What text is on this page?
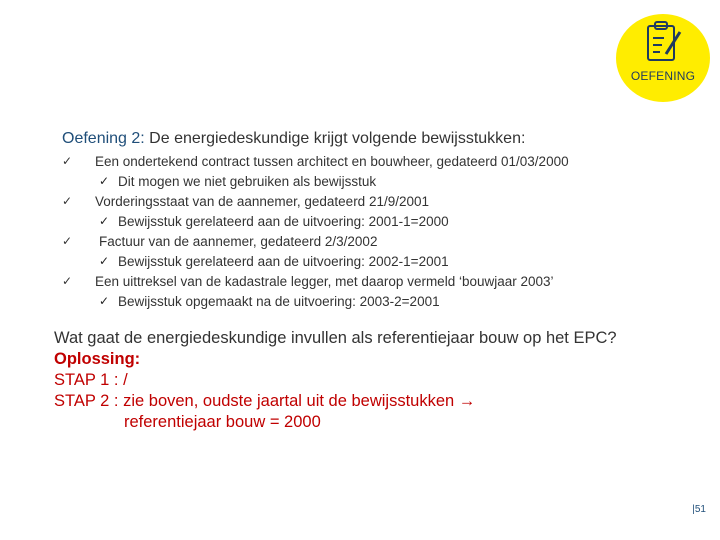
OEFENING
Oefening 2: De energiedeskundige krijgt volgende bewijsstukken:
✓ Een ondertekend contract tussen architect en bouwheer, gedateerd 01/03/2000
✓ Dit mogen we niet gebruiken als bewijsstuk
✓ Vorderingsstaat van de aannemer, gedateerd 21/9/2001
✓ Bewijsstuk gerelateerd aan de uitvoering: 2001-1=2000
✓ Factuur van de aannemer, gedateerd 2/3/2002
✓ Bewijsstuk gerelateerd aan de uitvoering: 2002-1=2001
✓ Een uittreksel van de kadastrale legger, met daarop vermeld ‘bouwjaar 2003’
✓ Bewijsstuk opgemaakt na de uitvoering: 2003-2=2001
Wat gaat de energiedeskundige invullen als referentiejaar bouw op het EPC?
Oplossing:
STAP 1 : /
STAP 2 : zie boven, oudste jaartal uit de bewijsstukken →
referentiejaar bouw = 2000
|51
